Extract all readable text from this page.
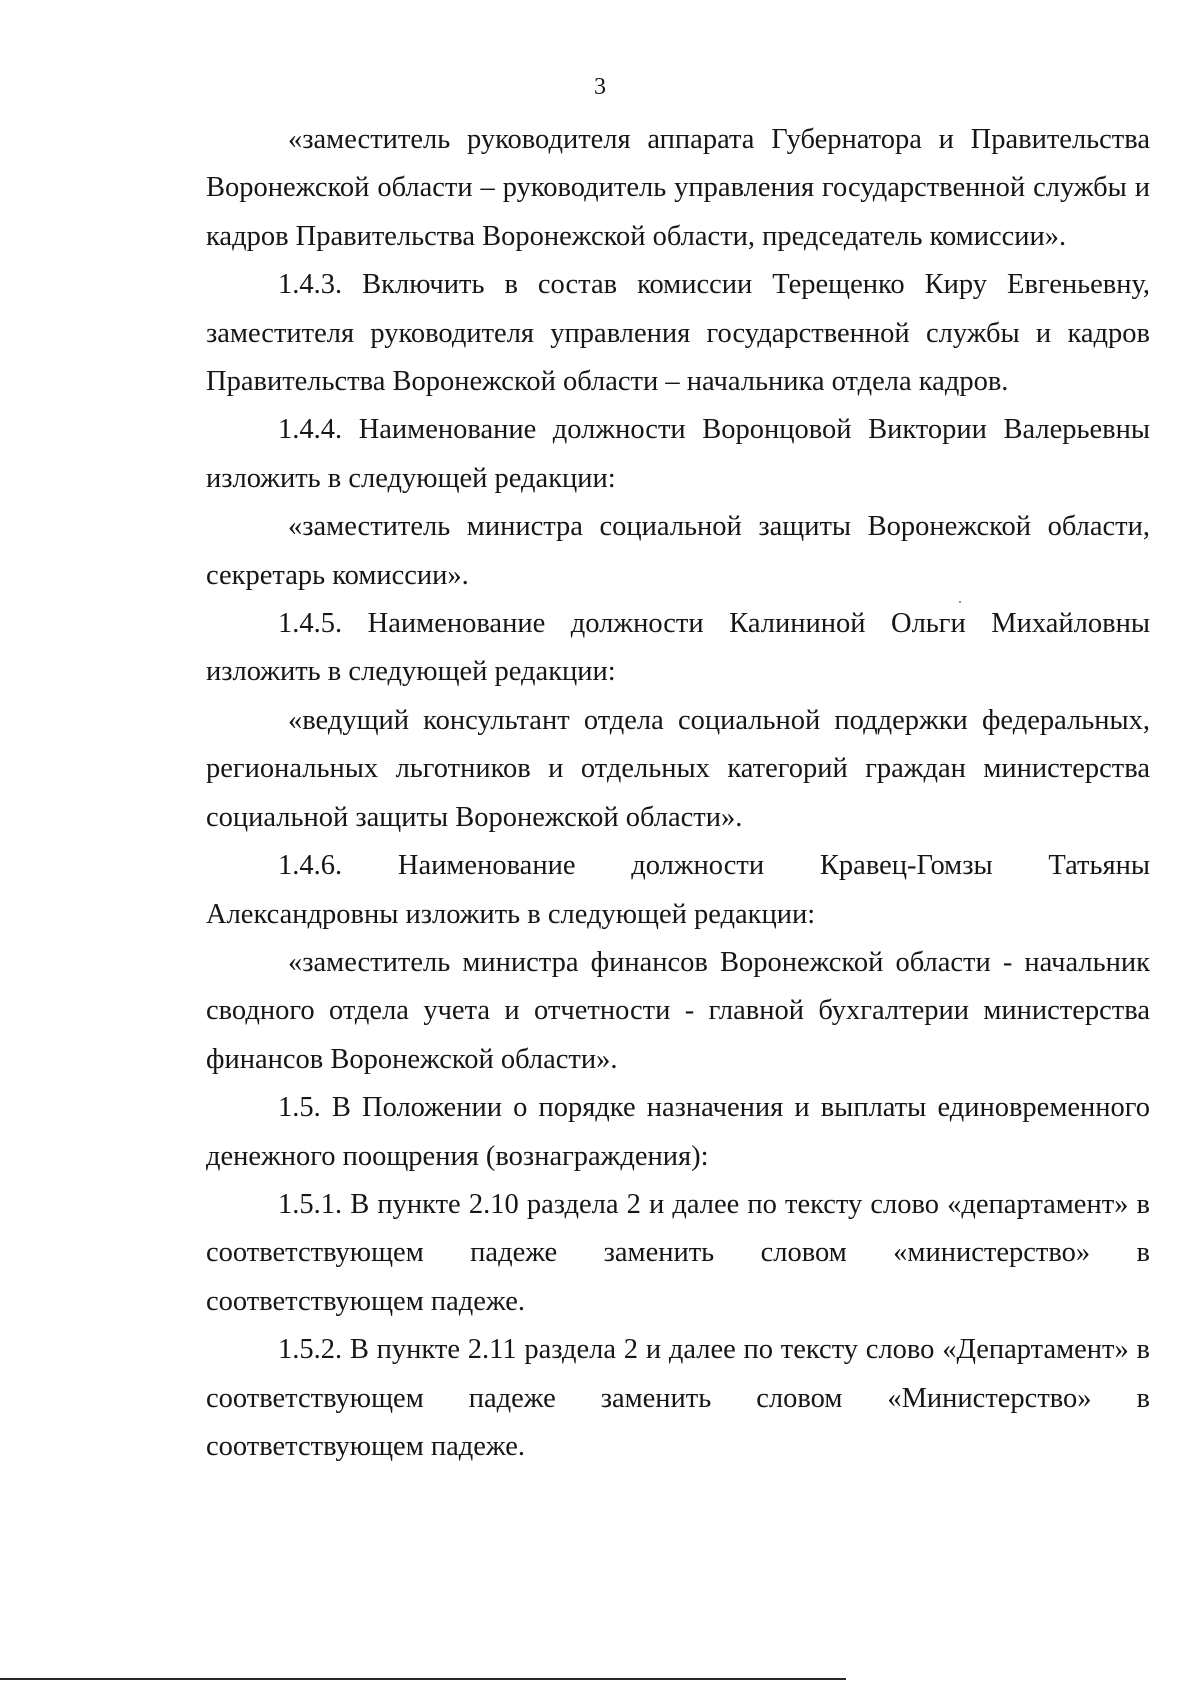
3

«заместитель руководителя аппарата Губернатора и Правительства Воронежской области – руководитель управления государственной службы и кадров Правительства Воронежской области, председатель комиссии».

1.4.3. Включить в состав комиссии Терещенко Киру Евгеньевну, заместителя руководителя управления государственной службы и кадров Правительства Воронежской области – начальника отдела кадров.

1.4.4. Наименование должности Воронцовой Виктории Валерьевны изложить в следующей редакции:

«заместитель министра социальной защиты Воронежской области, секретарь комиссии».

1.4.5. Наименование должности Калининой Ольги Михайловны изложить в следующей редакции:

«ведущий консультант отдела социальной поддержки федеральных, региональных льготников и отдельных категорий граждан министерства социальной защиты Воронежской области».

1.4.6. Наименование должности Кравец-Гомзы Татьяны Александровны изложить в следующей редакции:

«заместитель министра финансов Воронежской области - начальник сводного отдела учета и отчетности - главной бухгалтерии министерства финансов Воронежской области».

1.5. В Положении о порядке назначения и выплаты единовременного денежного поощрения (вознаграждения):

1.5.1. В пункте 2.10 раздела 2 и далее по тексту слово «департамент» в соответствующем падеже заменить словом «министерство» в соответствующем падеже.

1.5.2. В пункте 2.11 раздела 2 и далее по тексту слово «Департамент» в соответствующем падеже заменить словом «Министерство» в соответствующем падеже.
